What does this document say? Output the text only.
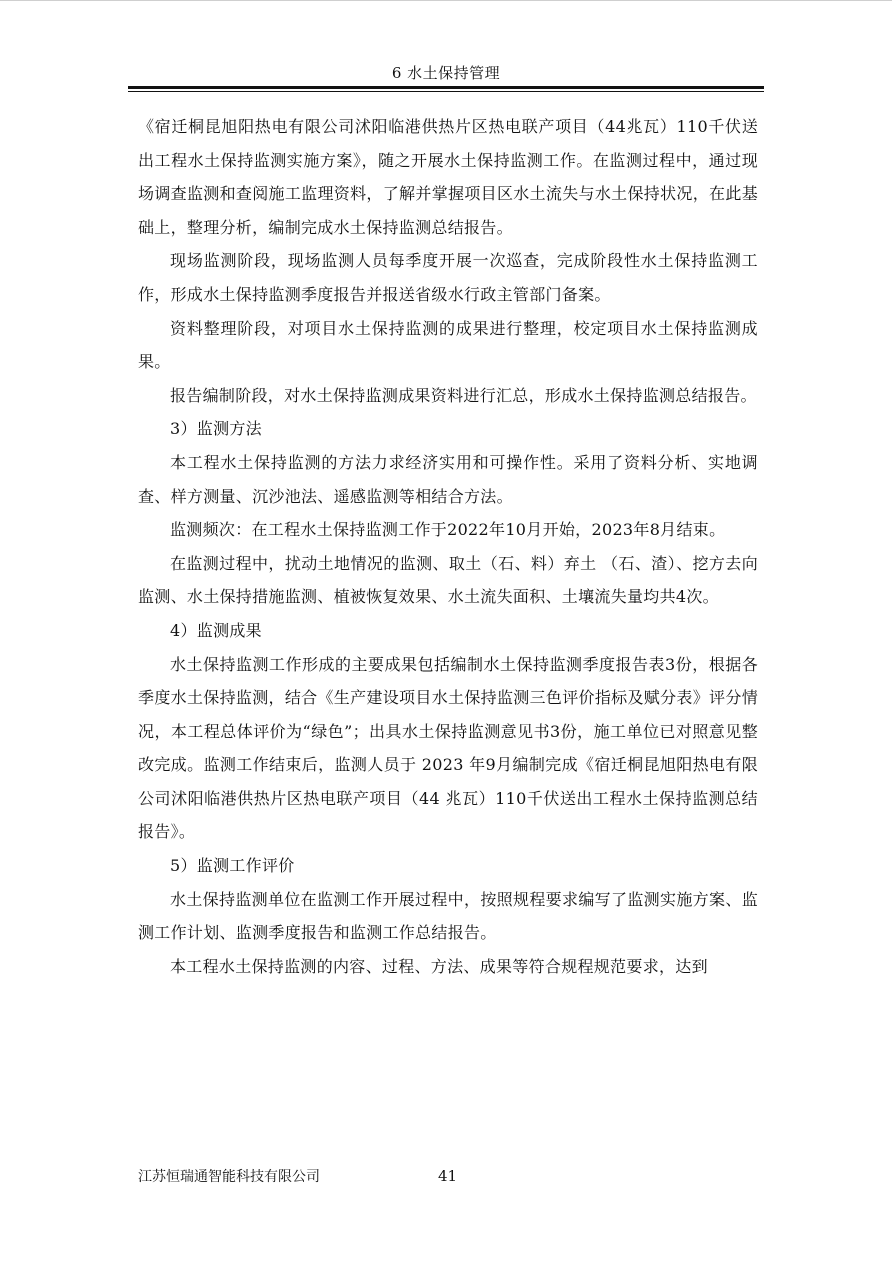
6 水土保持管理

《宿迁桐昆旭阳热电有限公司沭阳临港供热片区热电联产项目（44兆瓦）110千伏送出工程水土保持监测实施方案》，随之开展水土保持监测工作。在监测过程中，通过现场调查监测和查阅施工监理资料，了解并掌握项目区水土流失与水土保持状况，在此基础上，整理分析，编制完成水土保持监测总结报告。

现场监测阶段，现场监测人员每季度开展一次巡查，完成阶段性水土保持监测工作，形成水土保持监测季度报告并报送省级水行政主管部门备案。

资料整理阶段，对项目水土保持监测的成果进行整理，校定项目水土保持监测成果。

报告编制阶段，对水土保持监测成果资料进行汇总，形成水土保持监测总结报告。

3）监测方法

本工程水土保持监测的方法力求经济实用和可操作性。采用了资料分析、实地调查、样方测量、沉沙池法、遥感监测等相结合方法。

监测频次：在工程水土保持监测工作于2022年10月开始，2023年8月结束。

在监测过程中，扰动土地情况的监测、取土（石、料）弃土 （石、渣）、挖方去向监测、水土保持措施监测、植被恢复效果、水土流失面积、土壤流失量均共4次。

4）监测成果

水土保持监测工作形成的主要成果包括编制水土保持监测季度报告表3份，根据各季度水土保持监测，结合《生产建设项目水土保持监测三色评价指标及赋分表》评分情况，本工程总体评价为“绿色”；出具水土保持监测意见书3份，施工单位已对照意见整改完成。监测工作结束后，监测人员于 2023 年9月编制完成《宿迁桐昆旭阳热电有限公司沭阳临港供热片区热电联产项目（44 兆瓦）110千伏送出工程水土保持监测总结报告》。

5）监测工作评价

水土保持监测单位在监测工作开展过程中，按照规程要求编写了监测实施方案、监测工作计划、监测季度报告和监测工作总结报告。

本工程水土保持监测的内容、过程、方法、成果等符合规程规范要求，达到

江苏恒瑞通智能科技有限公司	41
